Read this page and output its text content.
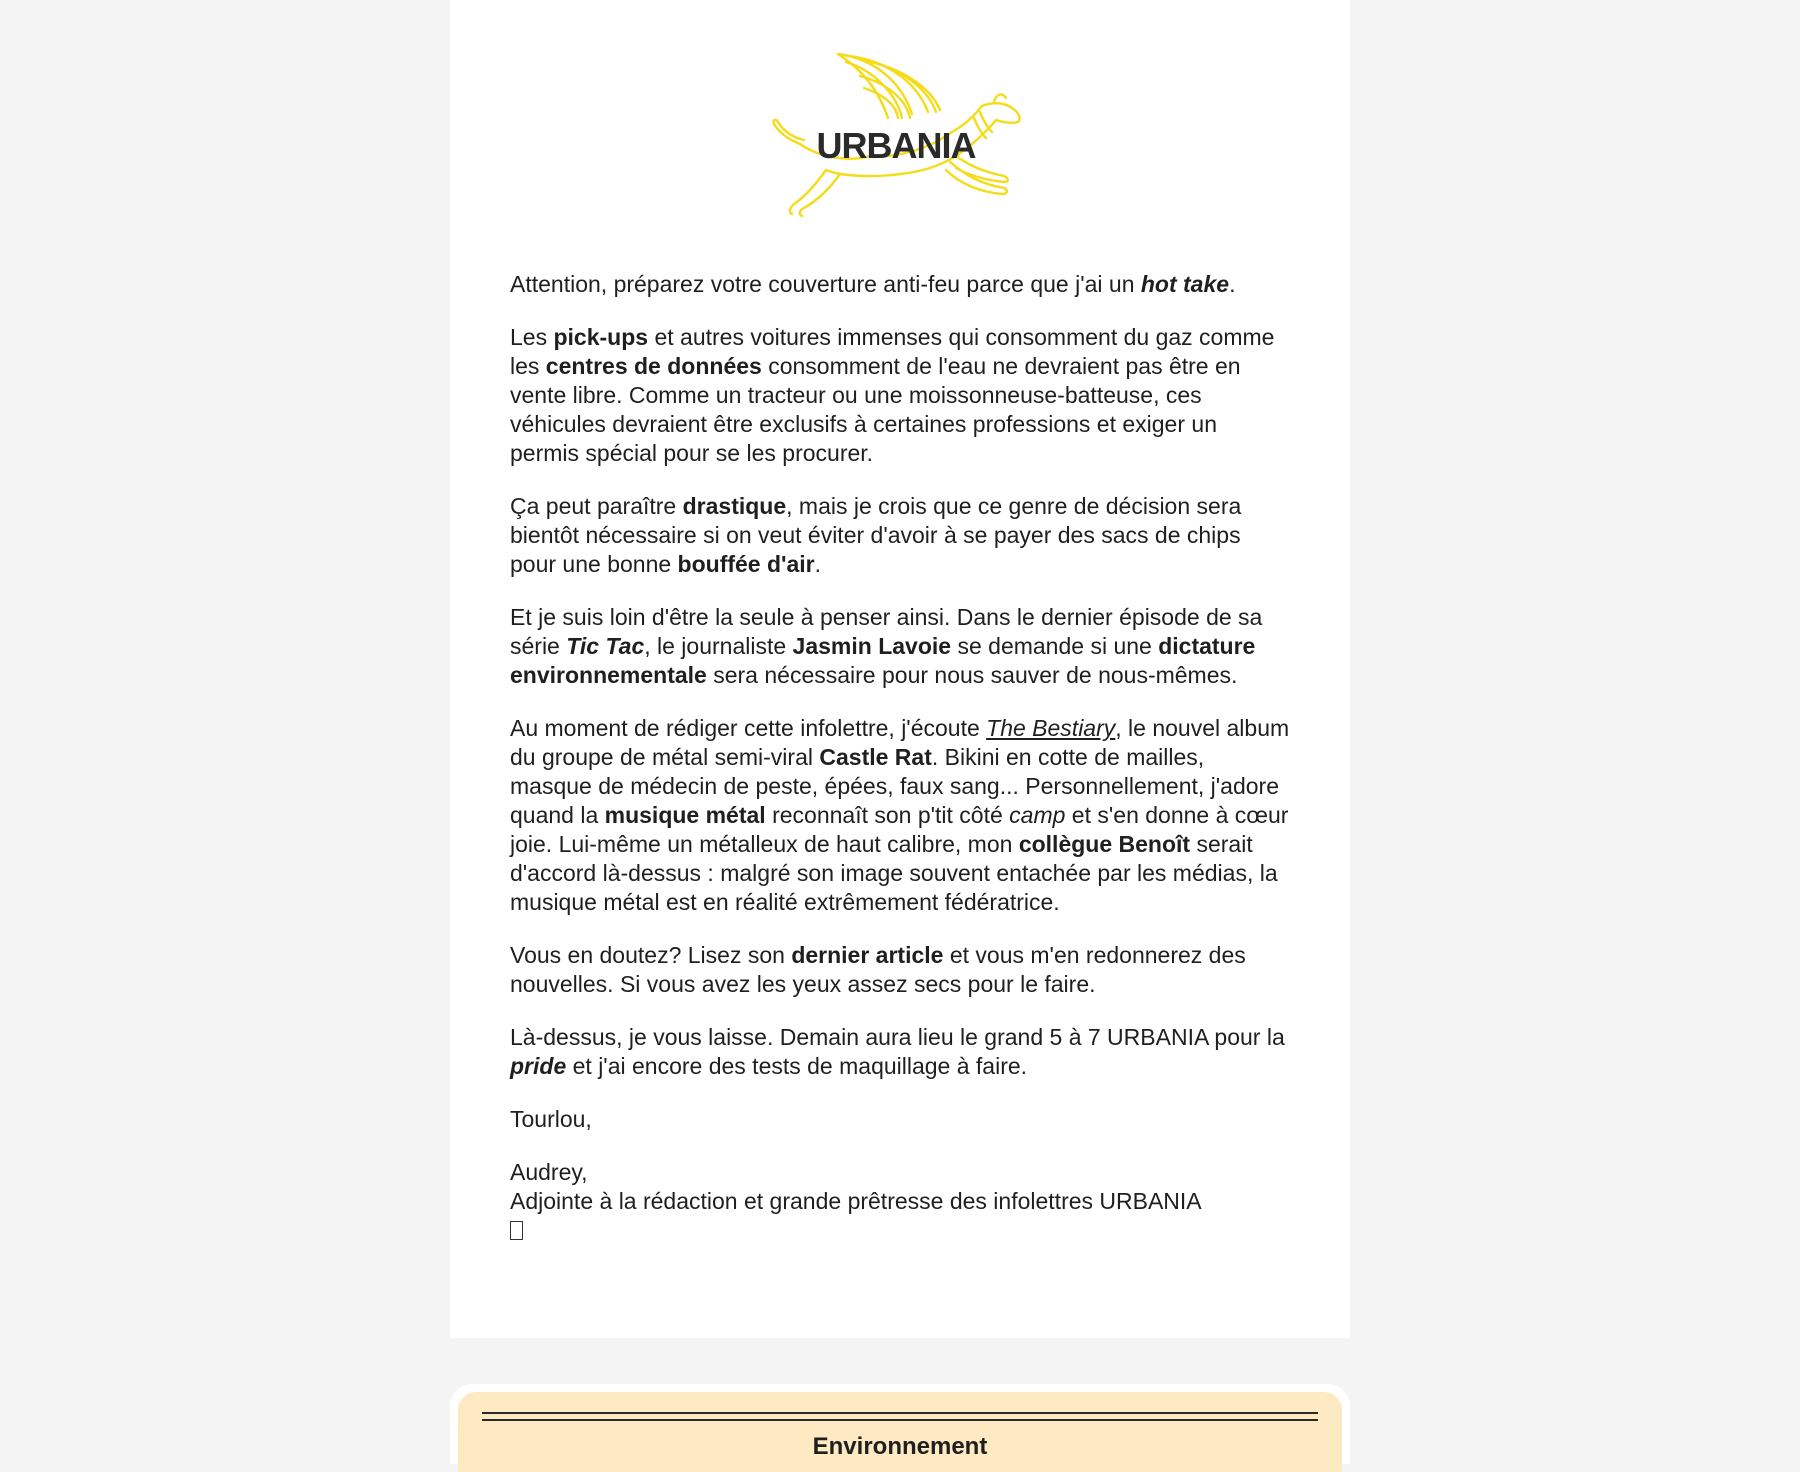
URBANIA

Attention, préparez votre couverture anti-feu parce que j'ai un hot take.

Les pick-ups et autres voitures immenses qui consomment du gaz comme les centres de données consomment de l'eau ne devraient pas être en vente libre. Comme un tracteur ou une moissonneuse-batteuse, ces véhicules devraient être exclusifs à certaines professions et exiger un permis spécial pour se les procurer.

Ça peut paraître drastique, mais je crois que ce genre de décision sera bientôt nécessaire si on veut éviter d'avoir à se payer des sacs de chips pour une bonne bouffée d'air.

Et je suis loin d'être la seule à penser ainsi. Dans le dernier épisode de sa série Tic Tac, le journaliste Jasmin Lavoie se demande si une dictature environnementale sera nécessaire pour nous sauver de nous-mêmes.

Au moment de rédiger cette infolettre, j'écoute The Bestiary, le nouvel album du groupe de métal semi-viral Castle Rat. Bikini en cotte de mailles, masque de médecin de peste, épées, faux sang... Personnellement, j'adore quand la musique métal reconnaît son p'tit côté camp et s'en donne à cœur joie. Lui-même un métalleux de haut calibre, mon collègue Benoît serait d'accord là-dessus : malgré son image souvent entachée par les médias, la musique métal est en réalité extrêmement fédératrice.

Vous en doutez? Lisez son dernier article et vous m'en redonnerez des nouvelles. Si vous avez les yeux assez secs pour le faire.

Là-dessus, je vous laisse. Demain aura lieu le grand 5 à 7 URBANIA pour la pride et j'ai encore des tests de maquillage à faire.

Tourlou,

Audrey,

Adjointe à la rédaction et grande prêtresse des infolettres URBANIA

Environnement
